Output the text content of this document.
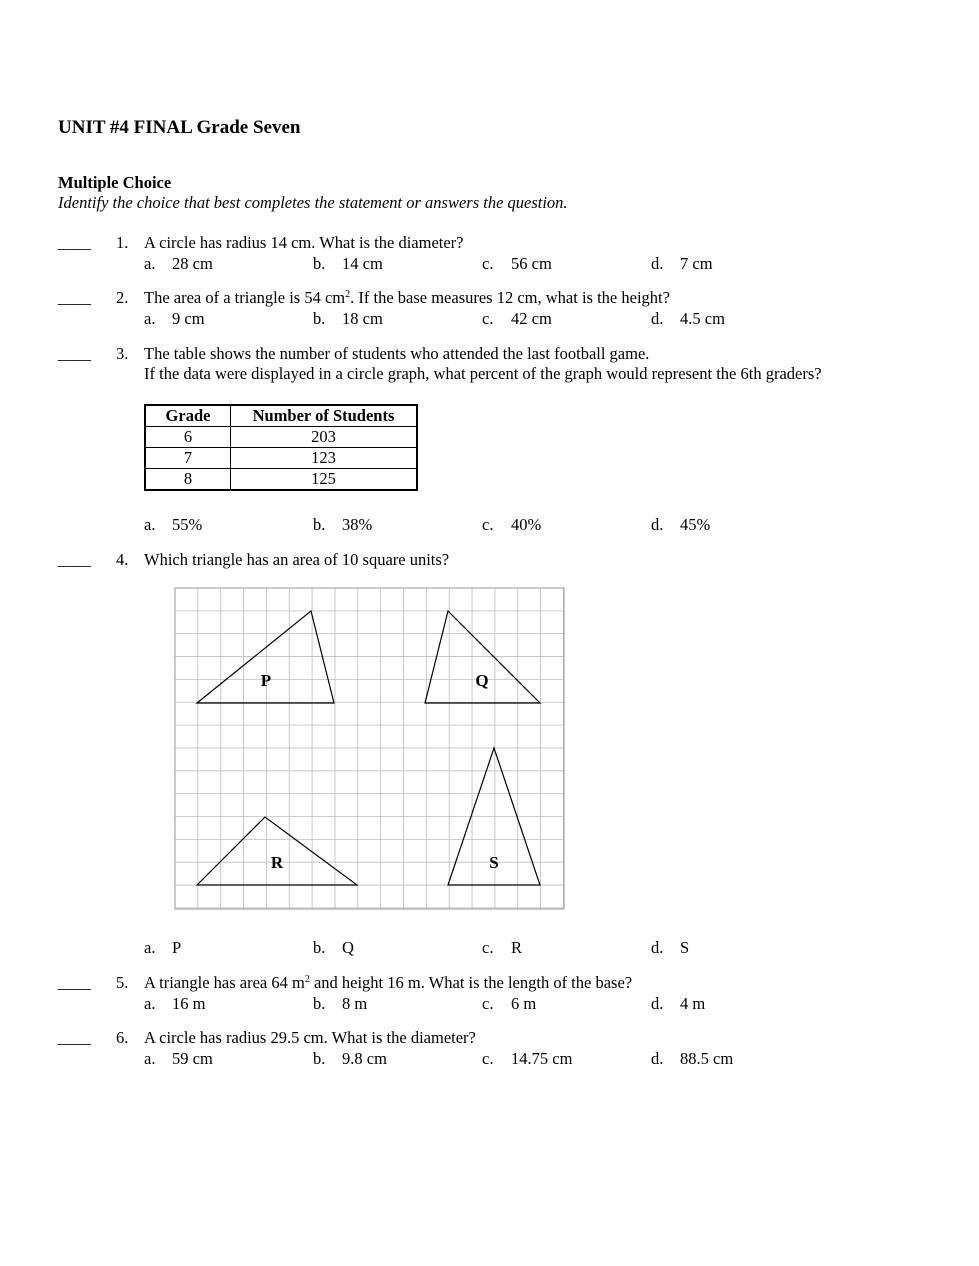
UNIT #4 FINAL Grade Seven
Multiple Choice
Identify the choice that best completes the statement or answers the question.
____ 1. A circle has radius 14 cm. What is the diameter?
a. 28 cm	b. 14 cm	c. 56 cm	d. 7 cm
____ 2. The area of a triangle is 54 $cm^2$. If the base measures 12 cm, what is the height?
a. 9 cm	b. 18 cm	c. 42 cm	d. 4.5 cm
____ 3. The table shows the number of students who attended the last football game.
If the data were displayed in a circle graph, what percent of the graph would represent the 6th graders?
Grade	Number of Students
6	203
7	123
8	125
a. 55%	b. 38%	c. 40%	d. 45%
____ 4. Which triangle has an area of 10 square units?
P	Q
R	S
a. P	b. Q	c. R	d. S
____ 5. A triangle has area 64 $m^2$ and height 16 m. What is the length of the base?
a. 16 m	b. 8 m	c. 6 m	d. 4 m
____ 6. A circle has radius 29.5 cm. What is the diameter?
a. 59 cm	b. 9.8 cm	c. 14.75 cm	d. 88.5 cm
